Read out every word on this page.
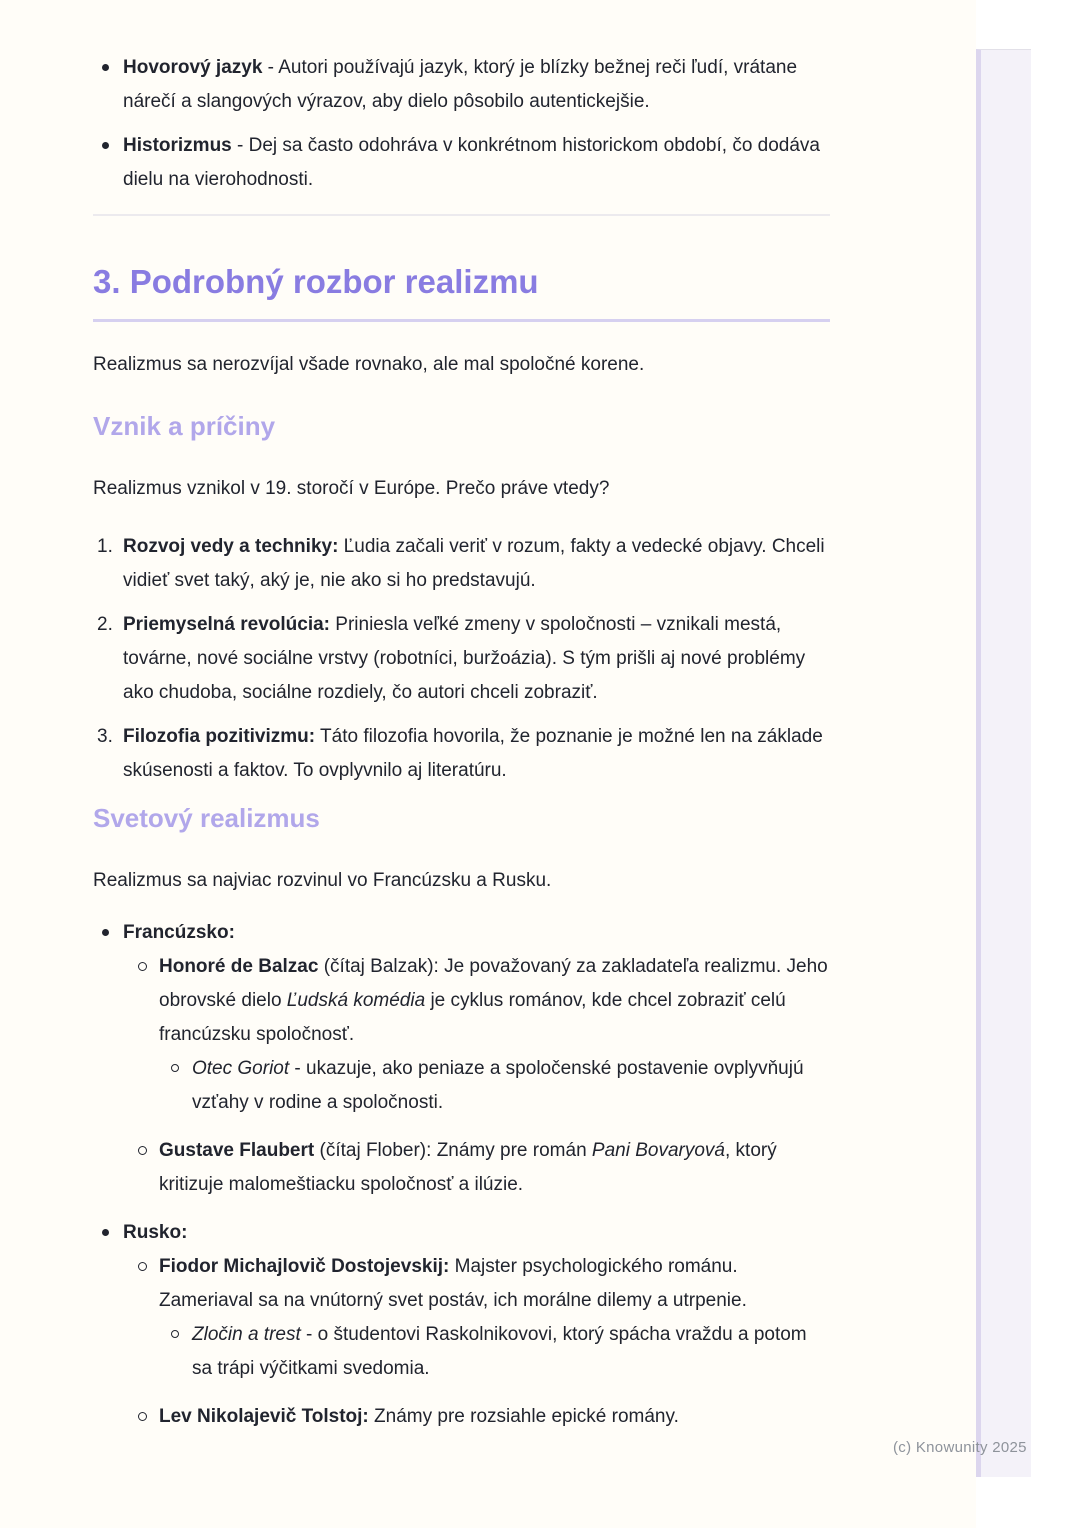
Hovorový jazyk - Autori používajú jazyk, ktorý je blízky bežnej reči ľudí, vrátane nárečí a slangových výrazov, aby dielo pôsobilo autentickejšie.
Historizmus - Dej sa často odohráva v konkrétnom historickom období, čo dodáva dielu na vierohodnosti.
3. Podrobný rozbor realizmu

Realizmus sa nerozvíjal všade rovnako, ale mal spoločné korene.

Vznik a príčiny

Realizmus vznikol v 19. storočí v Európe. Prečo práve vtedy?

1. Rozvoj vedy a techniky: Ľudia začali veriť v rozum, fakty a vedecké objavy. Chceli vidieť svet taký, aký je, nie ako si ho predstavujú.
2. Priemyselná revolúcia: Priniesla veľké zmeny v spoločnosti – vznikali mestá, továrne, nové sociálne vrstvy (robotníci, buržoázia). S tým prišli aj nové problémy ako chudoba, sociálne rozdiely, čo autori chceli zobraziť.
3. Filozofia pozitivizmu: Táto filozofia hovorila, že poznanie je možné len na základe skúsenosti a faktov. To ovplyvnilo aj literatúru.
Svetový realizmus

Realizmus sa najviac rozvinul vo Francúzsku a Rusku.

Francúzsko:
Honoré de Balzac (čítaj Balzak): Je považovaný za zakladateľa realizmu. Jeho obrovské dielo Ľudská komédia je cyklus románov, kde chcel zobraziť celú francúzsku spoločnosť.
Otec Goriot - ukazuje, ako peniaze a spoločenské postavenie ovplyvňujú vzťahy v rodine a spoločnosti.
Gustave Flaubert (čítaj Flober): Známy pre román Pani Bovaryová, ktorý kritizuje malomeštiacku spoločnosť a ilúzie.
Rusko:
Fiodor Michajlovič Dostojevskij: Majster psychologického románu. Zameriaval sa na vnútorný svet postáv, ich morálne dilemy a utrpenie.
Zločin a trest - o študentovi Raskolnikovovi, ktorý spácha vraždu a potom sa trápi výčitkami svedomia.
Lev Nikolajevič Tolstoj: Známy pre rozsiahle epické romány.
(c) Knowunity 2025
